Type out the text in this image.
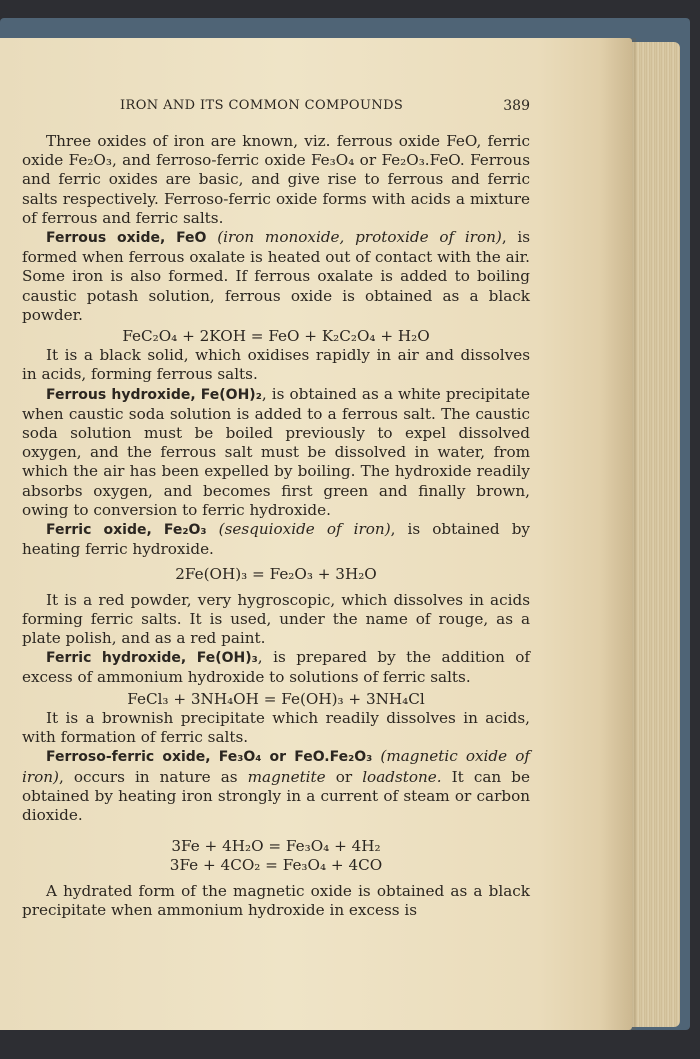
IRON AND ITS COMMON COMPOUNDS	389

Three oxides of iron are known, viz. ferrous oxide FeO, ferric oxide Fe₂O₃, and ferroso-ferric oxide Fe₃O₄ or Fe₂O₃.FeO. Ferrous and ferric oxides are basic, and give rise to ferrous and ferric salts respectively. Ferroso-ferric oxide forms with acids a mixture of ferrous and ferric salts.

Ferrous oxide, FeO (iron monoxide, protoxide of iron), is formed when ferrous oxalate is heated out of contact with the air. Some iron is also formed. If ferrous oxalate is added to boiling caustic potash solution, ferrous oxide is obtained as a black powder.

FeC₂O₄ + 2KOH = FeO + K₂C₂O₄ + H₂O

It is a black solid, which oxidises rapidly in air and dissolves in acids, forming ferrous salts.

Ferrous hydroxide, Fe(OH)₂, is obtained as a white precipitate when caustic soda solution is added to a ferrous salt. The caustic soda solution must be boiled previously to expel dissolved oxygen, and the ferrous salt must be dissolved in water, from which the air has been expelled by boiling. The hydroxide readily absorbs oxygen, and becomes first green and finally brown, owing to conversion to ferric hydroxide.

Ferric oxide, Fe₂O₃ (sesquioxide of iron), is obtained by heating ferric hydroxide.

2Fe(OH)₃ = Fe₂O₃ + 3H₂O

It is a red powder, very hygroscopic, which dissolves in acids forming ferric salts. It is used, under the name of rouge, as a plate polish, and as a red paint.

Ferric hydroxide, Fe(OH)₃, is prepared by the addition of excess of ammonium hydroxide to solutions of ferric salts.

FeCl₃ + 3NH₄OH = Fe(OH)₃ + 3NH₄Cl

It is a brownish precipitate which readily dissolves in acids, with formation of ferric salts.

Ferroso-ferric oxide, Fe₃O₄ or FeO.Fe₂O₃ (magnetic oxide of iron), occurs in nature as magnetite or loadstone. It can be obtained by heating iron strongly in a current of steam or carbon dioxide.

3Fe + 4H₂O = Fe₃O₄ + 4H₂
3Fe + 4CO₂ = Fe₃O₄ + 4CO

A hydrated form of the magnetic oxide is obtained as a black precipitate when ammonium hydroxide in excess is
